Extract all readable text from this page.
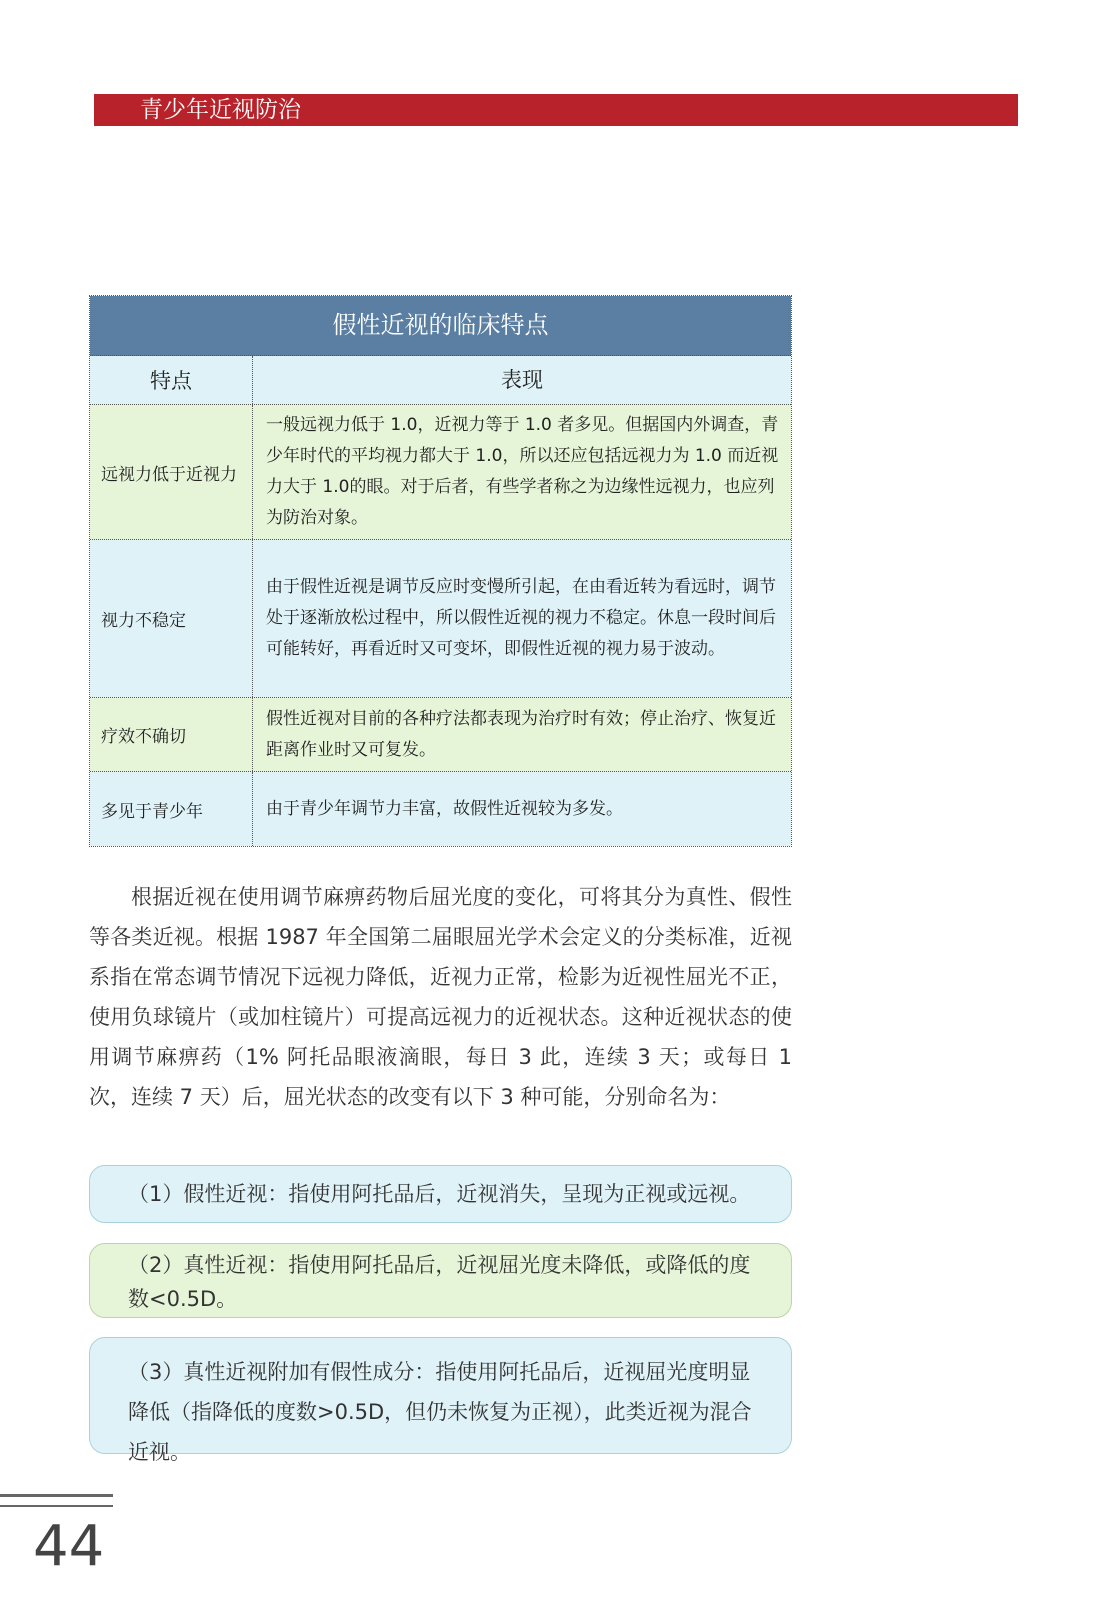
青少年近视防治
假性近视的临床特点
特点	表现
远视力低于近视力
一般远视力低于 1.0，近视力等于 1.0 者多见。但据国内外调查，青少年时代的平均视力都大于 1.0，所以还应包括远视力为 1.0 而近视力大于 1.0的眼。对于后者，有些学者称之为边缘性远视力，也应列为防治对象。
视力不稳定
由于假性近视是调节反应时变慢所引起，在由看近转为看远时，调节处于逐渐放松过程中，所以假性近视的视力不稳定。休息一段时间后可能转好，再看近时又可变坏，即假性近视的视力易于波动。
疗效不确切
假性近视对目前的各种疗法都表现为治疗时有效；停止治疗、恢复近距离作业时又可复发。
多见于青少年	由于青少年调节力丰富，故假性近视较为多发。

根据近视在使用调节麻痹药物后屈光度的变化，可将其分为真性、假性等各类近视。根据 1987 年全国第二届眼屈光学术会定义的分类标准，近视系指在常态调节情况下远视力降低，近视力正常，检影为近视性屈光不正，使用负球镜片（或加柱镜片）可提高远视力的近视状态。这种近视状态的使用调节麻痹药（1% 阿托品眼液滴眼，每日 3 此，连续 3 天；或每日 1 次，连续 7 天）后，屈光状态的改变有以下 3 种可能，分别命名为：

（1）假性近视：指使用阿托品后，近视消失，呈现为正视或远视。
（2）真性近视：指使用阿托品后，近视屈光度未降低，或降低的度数<0.5D。
（3）真性近视附加有假性成分：指使用阿托品后，近视屈光度明显降低（指降低的度数>0.5D，但仍未恢复为正视），此类近视为混合近视。
44
